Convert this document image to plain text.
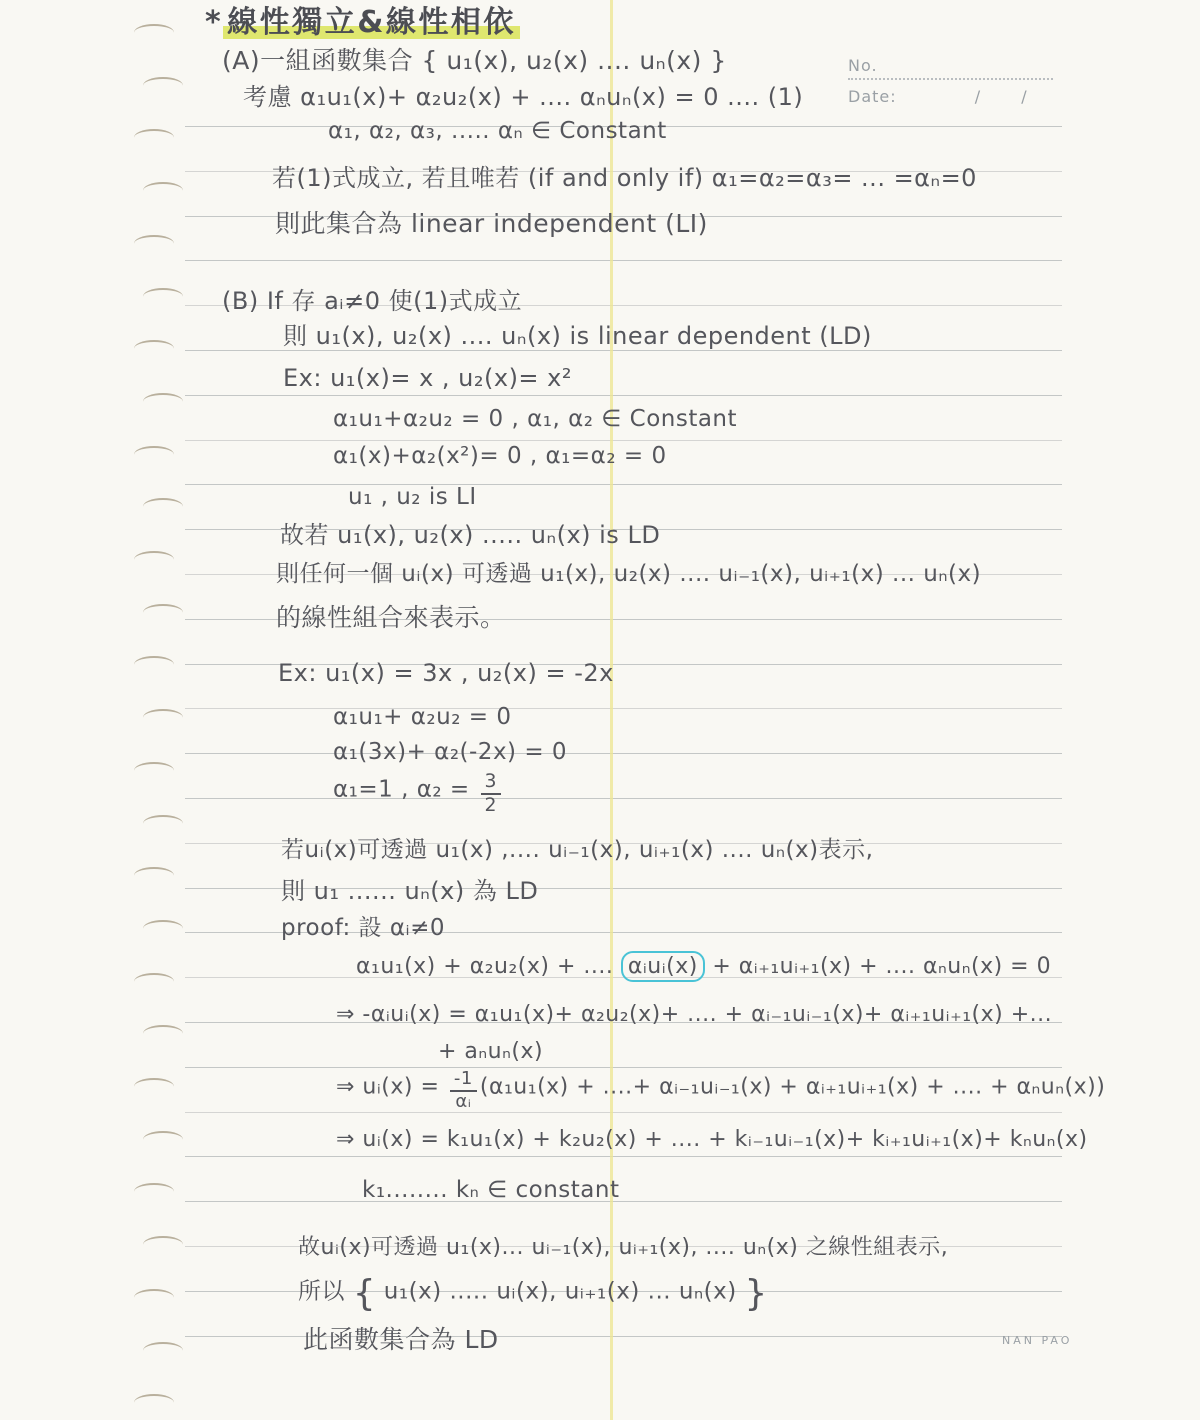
No.
Date:	/	/
* 線性獨立&線性相依
(A)一組函數集合 { u₁(x), u₂(x) .... uₙ(x) }
考慮 α₁u₁(x)+ α₂u₂(x) + .... αₙuₙ(x) = 0 .... (1)
α₁, α₂, α₃, ..... αₙ ∈ Constant
若(1)式成立, 若且唯若 (if and only if) α₁=α₂=α₃= ... =αₙ=0
則此集合為 linear independent (LI)
(B) If 存 aᵢ≠0 使(1)式成立
則 u₁(x), u₂(x) .... uₙ(x) is linear dependent (LD)
Ex: u₁(x)= x , u₂(x)= x²
α₁u₁+α₂u₂ = 0 , α₁, α₂ ∈ Constant
α₁(x)+α₂(x²)= 0 , α₁=α₂ = 0
u₁ , u₂ is LI
故若 u₁(x), u₂(x) ..... uₙ(x) is LD
則任何一個 uᵢ(x) 可透過 u₁(x), u₂(x) .... uᵢ₋₁(x), uᵢ₊₁(x) ... uₙ(x)
的線性組合來表示。
Ex: u₁(x) = 3x , u₂(x) = -2x
α₁u₁+ α₂u₂ = 0
α₁(3x)+ α₂(-2x) = 0
α₁=1 , $\alpha_2 = \frac{3}{2}$
若uᵢ(x)可透過 u₁(x) ,.... uᵢ₋₁(x), uᵢ₊₁(x) .... uₙ(x)表示,
則 u₁ ...... uₙ(x) 為 LD
proof: 設 αᵢ≠0
α₁u₁(x) + α₂u₂(x) + .... αᵢuᵢ(x) + αᵢ₊₁uᵢ₊₁(x) + .... αₙuₙ(x) = 0
⇒ -αᵢuᵢ(x) = α₁u₁(x)+ α₂u₂(x)+ .... + αᵢ₋₁uᵢ₋₁(x)+ αᵢ₊₁uᵢ₊₁(x) +...
+ aₙuₙ(x)
⇒ uᵢ(x) = $\frac{-1}{\text{αᵢ}} (\alpha_1u_1(x)$ + ....+ αᵢ₋₁uᵢ₋₁(x) + αᵢ₊₁uᵢ₊₁(x) + .... + αₙuₙ(x))
⇒ uᵢ(x) = k₁u₁(x) + k₂u₂(x) + .... + kᵢ₋₁uᵢ₋₁(x)+ kᵢ₊₁uᵢ₊₁(x)+ kₙuₙ(x)
k₁........ kₙ ∈ constant
故uᵢ(x)可透過 u₁(x)... uᵢ₋₁(x), uᵢ₊₁(x), .... uₙ(x) 之線性組表示,
所以 { u₁(x) ..... uᵢ(x), uᵢ₊₁(x) ... uₙ(x) }
此函數集合為 LD	NAN PAO
